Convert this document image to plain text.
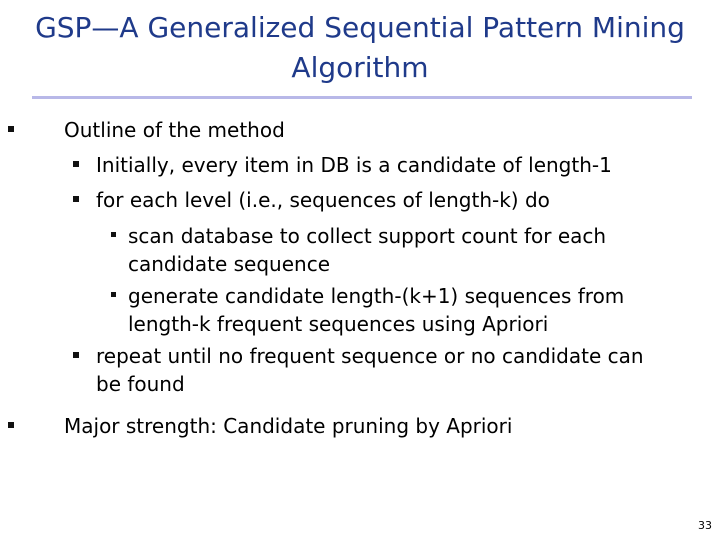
GSP—A Generalized Sequential Pattern Mining
Algorithm
Outline of the method
Initially, every item in DB is a candidate of length-1
for each level (i.e., sequences of length-k) do
scan database to collect support count for each
candidate sequence
generate candidate length-(k+1) sequences from
length-k frequent sequences using Apriori
repeat until no frequent sequence or no candidate can
be found
Major strength: Candidate pruning by Apriori
33
